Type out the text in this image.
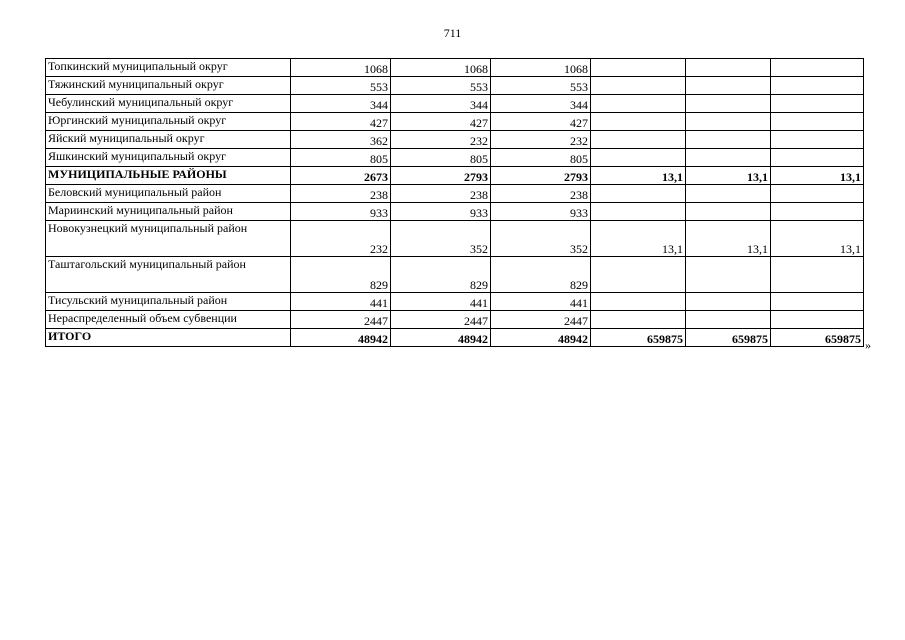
711
Топкинский муниципальный округ	1068	1068	1068			
Тяжинский муниципальный округ	553	553	553			
Чебулинский муниципальный округ	344	344	344			
Юргинский муниципальный округ	427	427	427			
Яйский муниципальный округ	362	232	232			
Яшкинский муниципальный округ	805	805	805			
МУНИЦИПАЛЬНЫЕ РАЙОНЫ	2673	2793	2793	13,1	13,1	13,1
Беловский муниципальный район	238	238	238			
Мариинский муниципальный район	933	933	933			
Новокузнецкий муниципальный район	232	352	352	13,1	13,1	13,1
Таштагольский муниципальный район	829	829	829			
Тисульский муниципальный район	441	441	441			
Нераспределенный объем субвенции	2447	2447	2447			
ИТОГО	48942	48942	48942	659875	659875	659875 »
